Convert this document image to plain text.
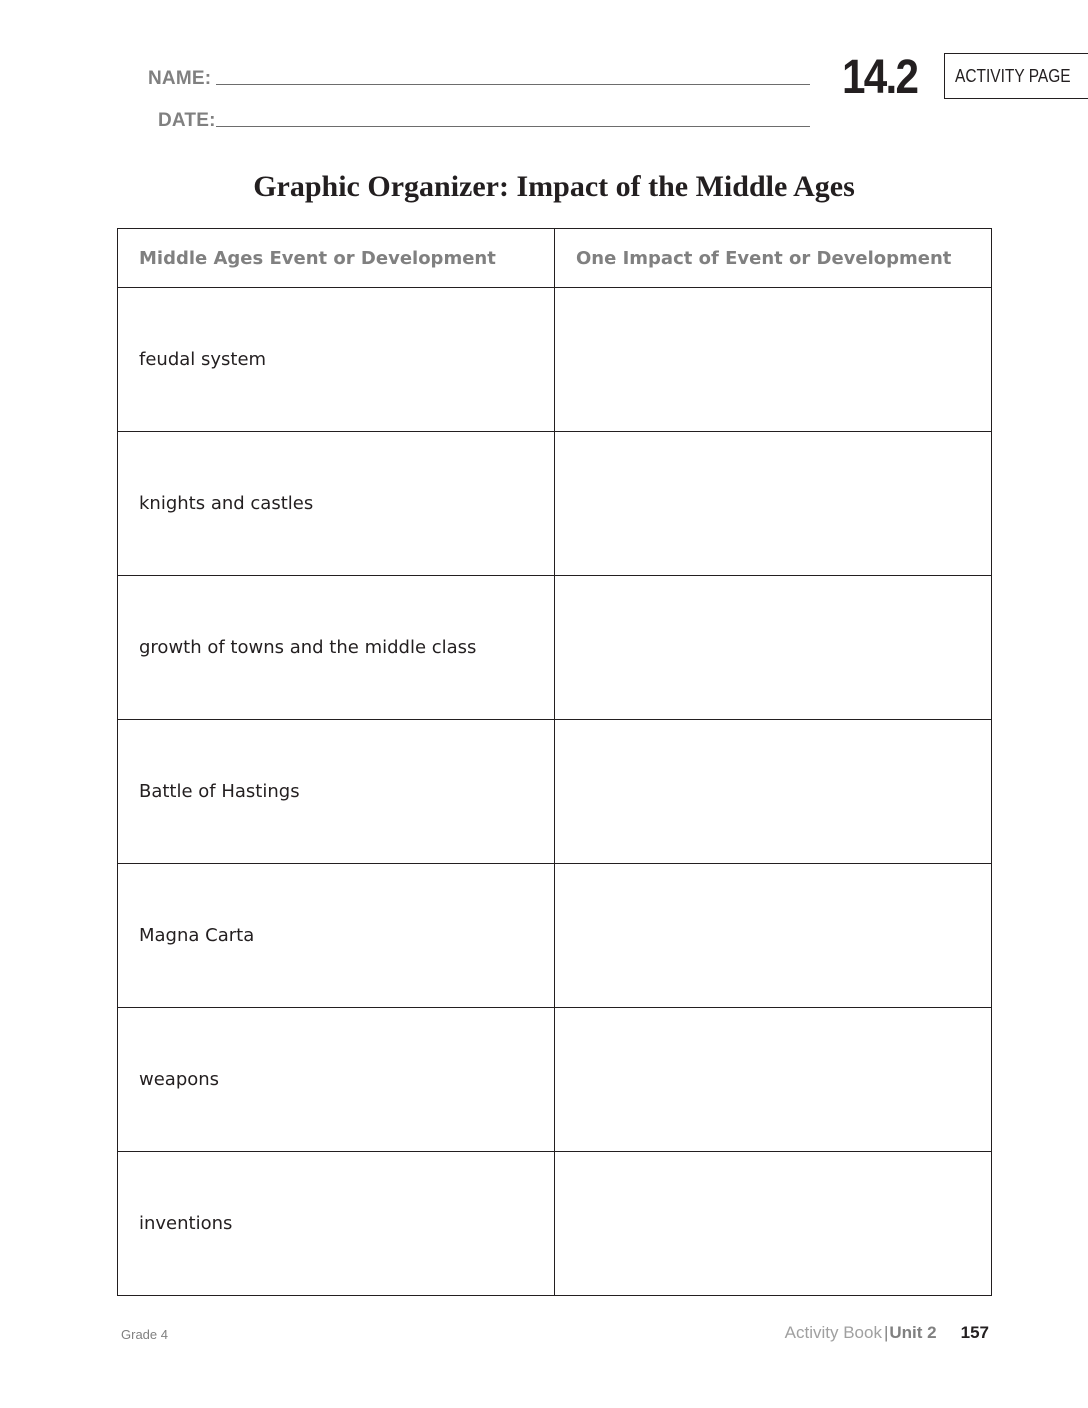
NAME:
DATE:
14.2	ACTIVITY PAGE
Graphic Organizer: Impact of the Middle Ages
Middle Ages Event or Development	One Impact of Event or Development
feudal system	
knights and castles	
growth of towns and the middle class	
Battle of Hastings	
Magna Carta	
weapons	
inventions	
Grade 4	Activity Book |Unit 2 157
